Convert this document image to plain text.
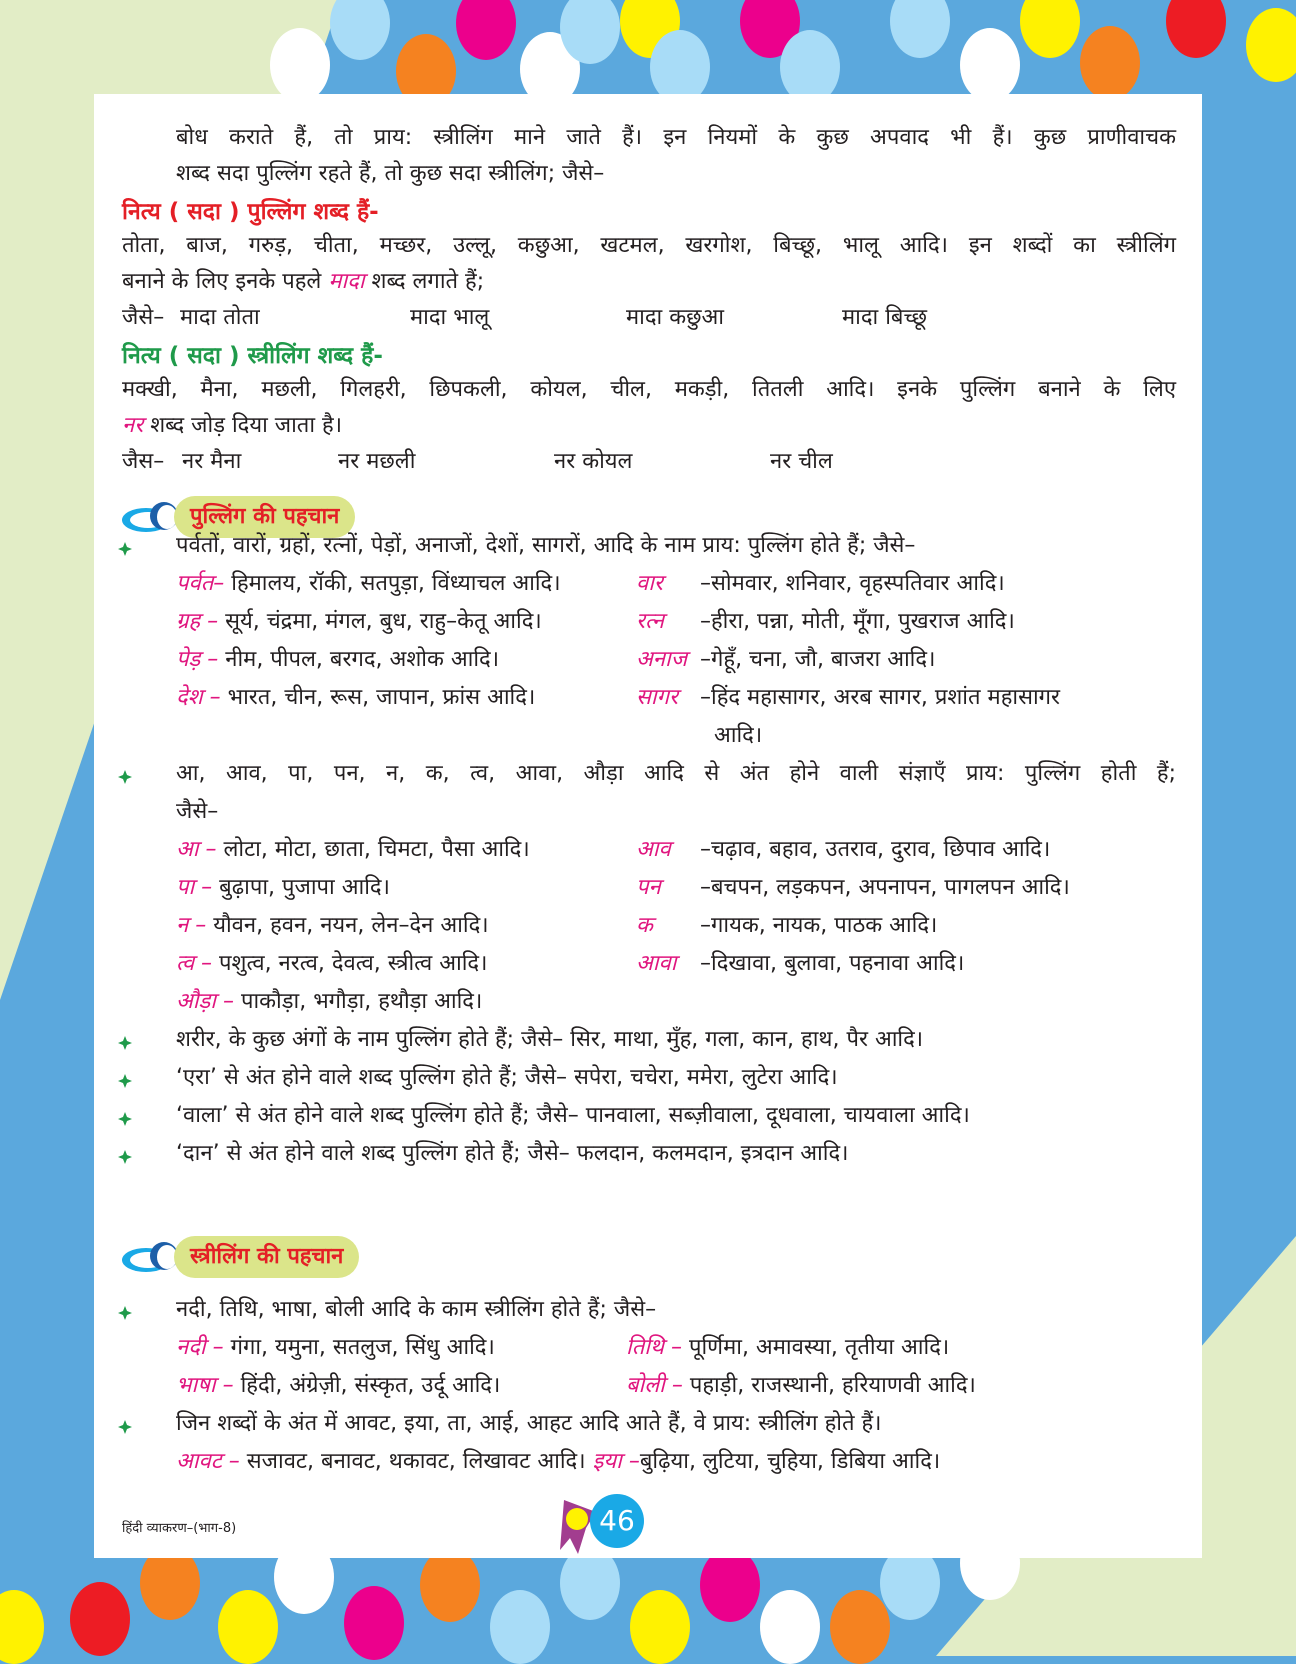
बोध कराते हैं, तो प्राय: स्त्रीलिंग माने जाते हैं। इन नियमों के कुछ अपवाद भी हैं। कुछ प्राणीवाचक
शब्द सदा पुल्लिंग रहते हैं, तो कुछ सदा स्त्रीलिंग; जैसे–
नित्य ( सदा ) पुल्लिंग शब्द हैं-
तोता, बाज, गरुड़, चीता, मच्छर, उल्लू, कछुआ, खटमल, खरगोश, बिच्छू, भालू आदि। इन शब्दों का स्त्रीलिंग
बनाने के लिए इनके पहले मादा शब्द लगाते हैं;
जैसे– मादा तोता	मादा भालू	मादा कछुआ	मादा बिच्छू
नित्य ( सदा ) स्त्रीलिंग शब्द हैं-
मक्खी, मैना, मछली, गिलहरी, छिपकली, कोयल, चील, मकड़ी, तितली आदि। इनके पुल्लिंग बनाने के लिए
नर शब्द जोड़ दिया जाता है।
जैस– नर मैना	नर मछली	नर कोयल	नर चील
पुल्लिंग की पहचान
पर्वतों, वारों, ग्रहों, रत्नों, पेड़ों, अनाजों, देशों, सागरों, आदि के नाम प्राय: पुल्लिंग होते हैं; जैसे–
पर्वत– हिमालय, रॉकी, सतपुड़ा, विंध्याचल आदि।	वार –सोमवार, शनिवार, वृहस्पतिवार आदि।
ग्रह – सूर्य, चंद्रमा, मंगल, बुध, राहु–केतू आदि।	रत्न –हीरा, पन्ना, मोती, मूँगा, पुखराज आदि।
पेड़ – नीम, पीपल, बरगद, अशोक आदि।	अनाज –गेहूँ, चना, जौ, बाजरा आदि।
देश – भारत, चीन, रूस, जापान, फ्रांस आदि।	सागर –हिंद महासागर, अरब सागर, प्रशांत महासागर
आदि।
आ, आव, पा, पन, न, क, त्व, आवा, औड़ा आदि से अंत होने वाली संज्ञाएँ प्राय: पुल्लिंग होती हैं;
जैसे–
आ – लोटा, मोटा, छाता, चिमटा, पैसा आदि।	आव –चढ़ाव, बहाव, उतराव, दुराव, छिपाव आदि।
पा – बुढ़ापा, पुजापा आदि।	पन –बचपन, लड़कपन, अपनापन, पागलपन आदि।
न – यौवन, हवन, नयन, लेन–देन आदि।	क –गायक, नायक, पाठक आदि।
त्व – पशुत्व, नरत्व, देवत्व, स्त्रीत्व आदि।	आवा –दिखावा, बुलावा, पहनावा आदि।
औड़ा – पाकौड़ा, भगौड़ा, हथौड़ा आदि।
शरीर, के कुछ अंगों के नाम पुल्लिंग होते हैं; जैसे– सिर, माथा, मुँह, गला, कान, हाथ, पैर आदि।
‘एरा’ से अंत होने वाले शब्द पुल्लिंग होते हैं; जैसे– सपेरा, चचेरा, ममेरा, लुटेरा आदि।
‘वाला’ से अंत होने वाले शब्द पुल्लिंग होते हैं; जैसे– पानवाला, सब्ज़ीवाला, दूधवाला, चायवाला आदि।
‘दान’ से अंत होने वाले शब्द पुल्लिंग होते हैं; जैसे– फलदान, कलमदान, इत्रदान आदि।
स्त्रीलिंग की पहचान
नदी, तिथि, भाषा, बोली आदि के काम स्त्रीलिंग होते हैं; जैसे–
नदी – गंगा, यमुना, सतलुज, सिंधु आदि।	तिथि – पूर्णिमा, अमावस्या, तृतीया आदि।
भाषा – हिंदी, अंग्रेज़ी, संस्कृत, उर्दू आदि।	बोली – पहाड़ी, राजस्थानी, हरियाणवी आदि।
जिन शब्दों के अंत में आवट, इया, ता, आई, आहट आदि आते हैं, वे प्राय: स्त्रीलिंग होते हैं।
आवट – सजावट, बनावट, थकावट, लिखावट आदि। इया –बुढ़िया, लुटिया, चुहिया, डिबिया आदि।
हिंदी व्याकरण–(भाग-8)	46
